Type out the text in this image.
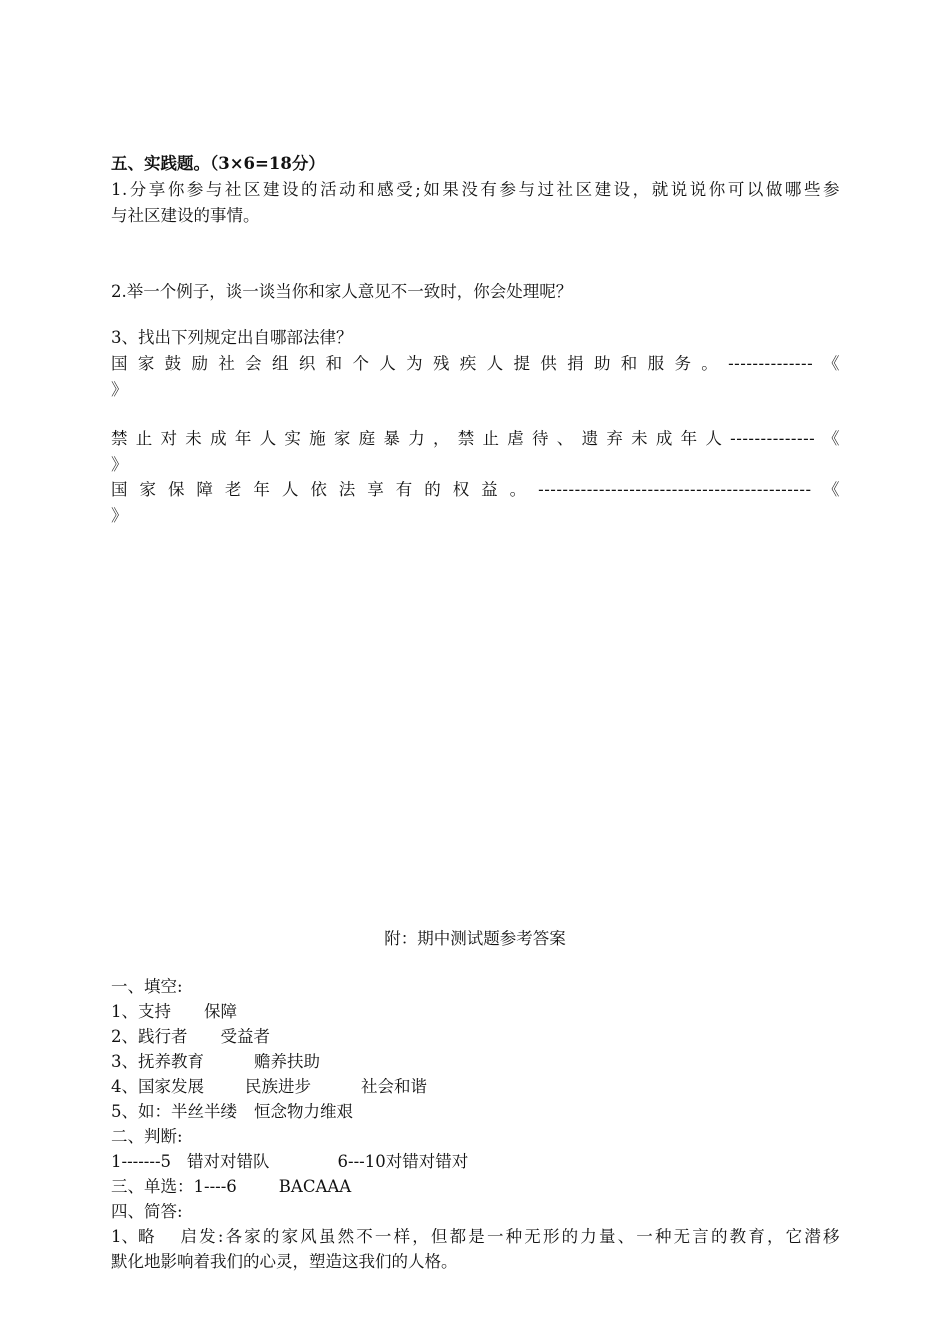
五、实践题。（3×6=18分）
1.分享你参与社区建设的活动和感受;如果没有参与过社区建设，就说说你可以做哪些参
与社区建设的事情。
2.举一个例子，谈一谈当你和家人意见不一致时，你会处理呢？
3、找出下列规定出自哪部法律？
国家鼓励社会组织和个人为残疾人提供捐助和服务。--------------《
》
禁止对未成年人实施家庭暴力，禁止虐待、遗弃未成年人--------------《
》
国家保障老年人依法享有的权益。---------------------------------------------《
》
附：期中测试题参考答案
一、填空:
1、支持 保障
2、践行者 受益者
3、抚养教育	赡养扶助
4、国家发展 民族进步	社会和谐
5、如：半丝半缕 恒念物力维艰
二、判断:
1-------5 错对对错队	6---10对错对错对
三、单选：1----6	BACAAA
四、简答:
1、略 启发:各家的家风虽然不一样，但都是一种无形的力量、一种无言的教育，它潜移
默化地影响着我们的心灵，塑造这我们的人格。
